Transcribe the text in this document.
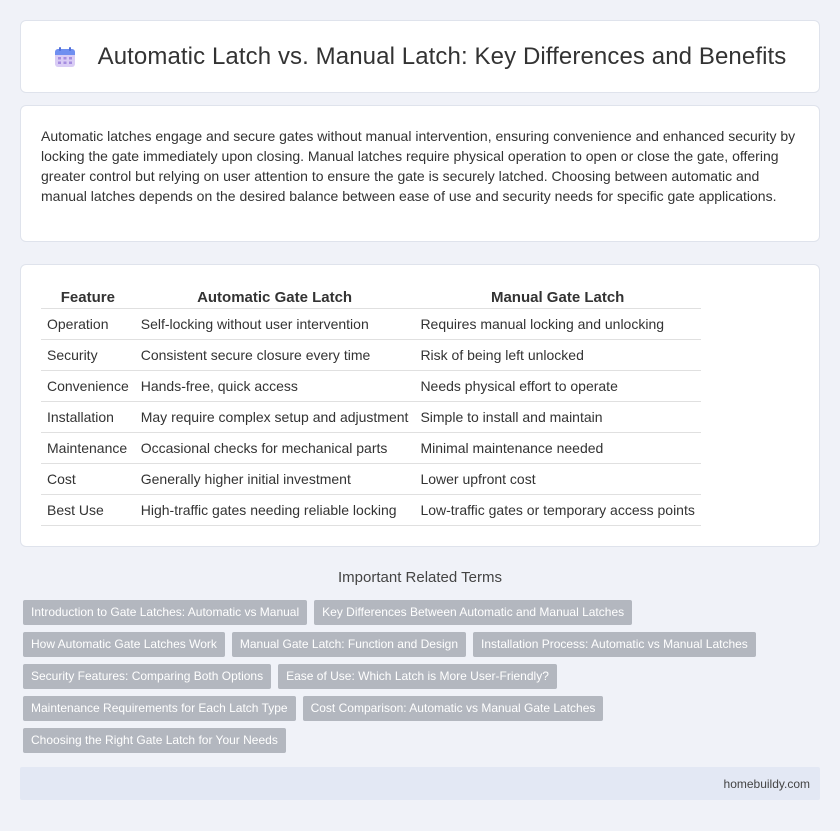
Automatic Latch vs. Manual Latch: Key Differences and Benefits

Automatic latches engage and secure gates without manual intervention, ensuring convenience and enhanced security by locking the gate immediately upon closing. Manual latches require physical operation to open or close the gate, offering greater control but relying on user attention to ensure the gate is securely latched. Choosing between automatic and manual latches depends on the desired balance between ease of use and security needs for specific gate applications.

Feature	Automatic Gate Latch	Manual Gate Latch
Operation	Self-locking without user intervention	Requires manual locking and unlocking
Security	Consistent secure closure every time	Risk of being left unlocked
Convenience	Hands-free, quick access	Needs physical effort to operate
Installation	May require complex setup and adjustment	Simple to install and maintain
Maintenance	Occasional checks for mechanical parts	Minimal maintenance needed
Cost	Generally higher initial investment	Lower upfront cost
Best Use	High-traffic gates needing reliable locking	Low-traffic gates or temporary access points
Important Related Terms
Introduction to Gate Latches: Automatic vs Manual	Key Differences Between Automatic and Manual Latches
How Automatic Gate Latches Work	Manual Gate Latch: Function and Design	Installation Process: Automatic vs Manual Latches
Security Features: Comparing Both Options	Ease of Use: Which Latch is More User-Friendly?
Maintenance Requirements for Each Latch Type	Cost Comparison: Automatic vs Manual Gate Latches
Choosing the Right Gate Latch for Your Needs
homebuildy.com
